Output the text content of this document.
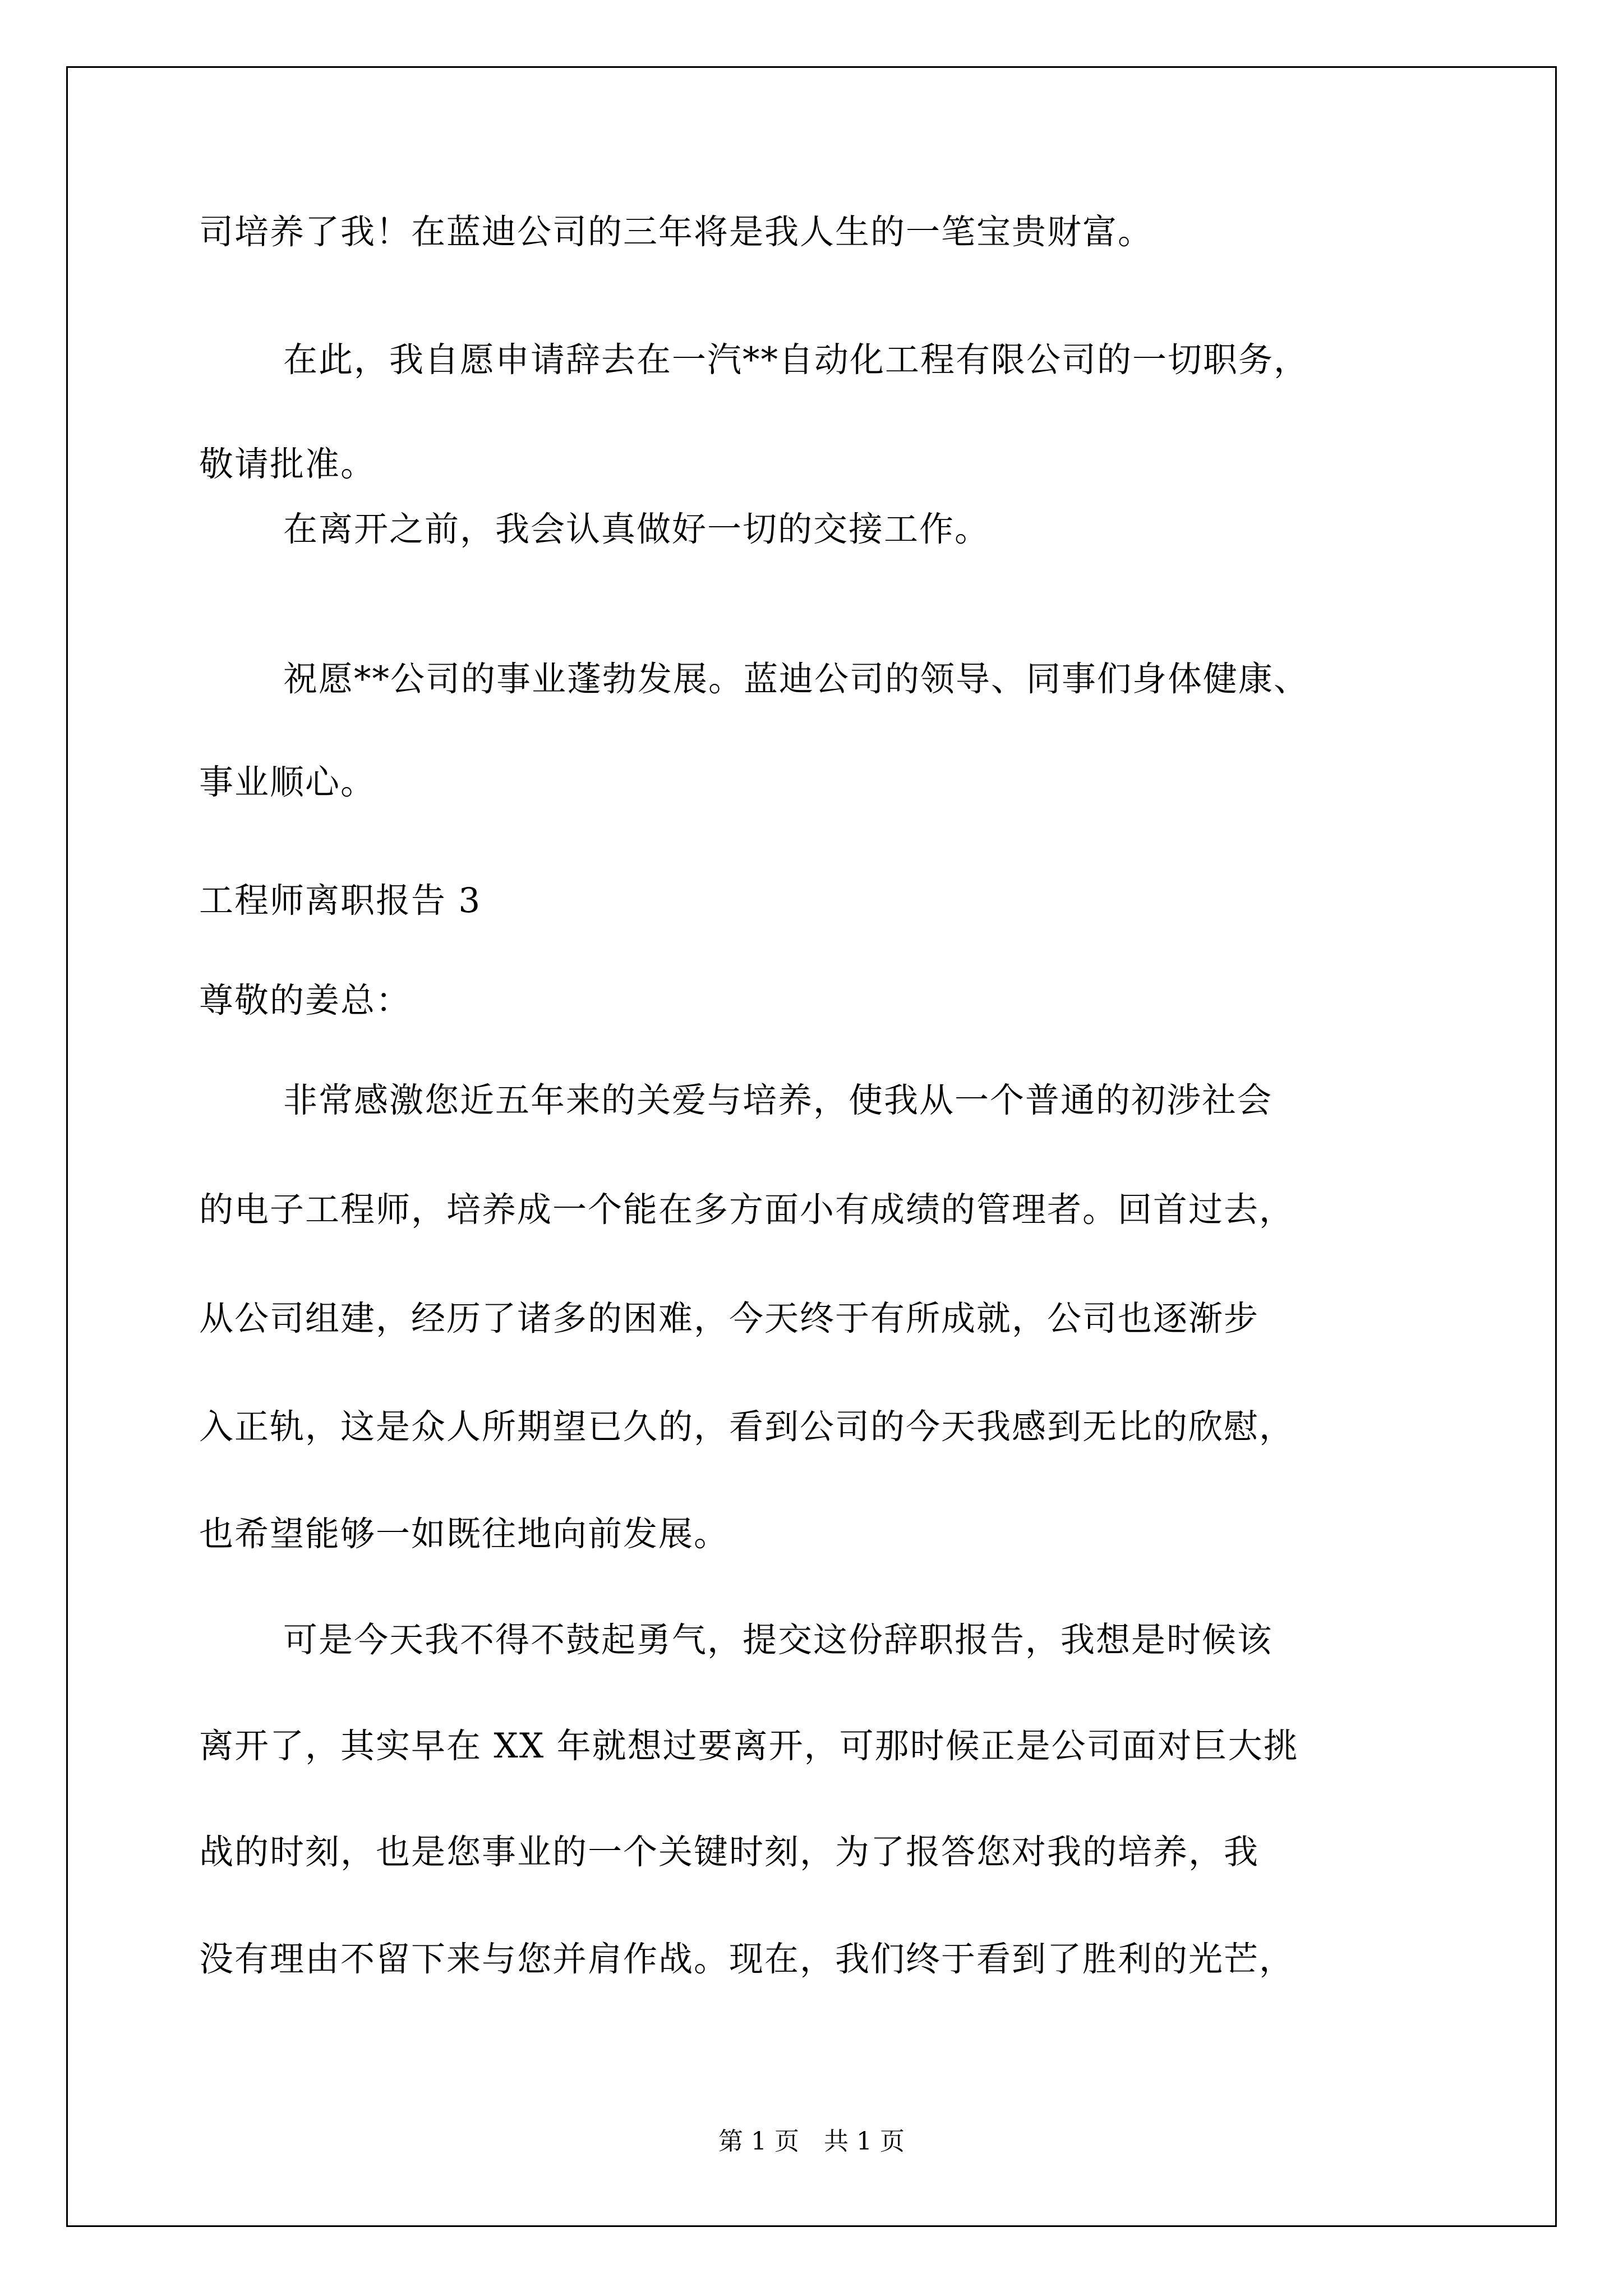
司培养了我！在蓝迪公司的三年将是我人生的一笔宝贵财富。
在此，我自愿申请辞去在一汽**自动化工程有限公司的一切职务，
敬请批准。
在离开之前，我会认真做好一切的交接工作。
祝愿**公司的事业蓬勃发展。蓝迪公司的领导、同事们身体健康、
事业顺心。
工程师离职报告 3
尊敬的姜总：
非常感激您近五年来的关爱与培养，使我从一个普通的初涉社会
的电子工程师，培养成一个能在多方面小有成绩的管理者。回首过去，
从公司组建，经历了诸多的困难，今天终于有所成就，公司也逐渐步
入正轨，这是众人所期望已久的，看到公司的今天我感到无比的欣慰，
也希望能够一如既往地向前发展。
可是今天我不得不鼓起勇气，提交这份辞职报告，我想是时候该
离开了，其实早在 XX 年就想过要离开，可那时候正是公司面对巨大挑
战的时刻，也是您事业的一个关键时刻，为了报答您对我的培养，我
没有理由不留下来与您并肩作战。现在，我们终于看到了胜利的光芒，
第 1 页　共 1 页
